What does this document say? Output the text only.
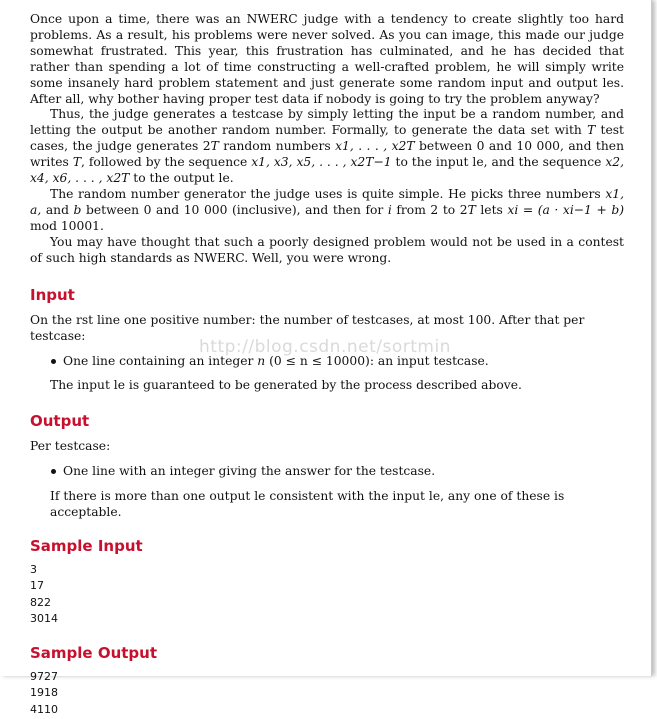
Once upon a time, there was an NWERC judge with a tendency to create slightly too hard problems. As a result, his problems were never solved. As you can image, this made our judge somewhat frustrated. This year, this frustration has culminated, and he has decided that rather than spending a lot of time constructing a well-crafted problem, he will simply write some insanely hard problem statement and just generate some random input and output les. After all, why bother having proper test data if nobody is going to try the problem anyway?

Thus, the judge generates a testcase by simply letting the input be a random number, and letting the output be another random number. Formally, to generate the data set with T test cases, the judge generates 2T random numbers x1, . . . , x2T between 0 and 10 000, and then writes T, followed by the sequence x1, x3, x5, . . . , x2T−1 to the input le, and the sequence x2, x4, x6, . . . , x2T to the output le.

The random number generator the judge uses is quite simple. He picks three numbers x1, a, and b between 0 and 10 000 (inclusive), and then for i from 2 to 2T lets xi = (a · xi−1 + b) mod 10001.

You may have thought that such a poorly designed problem would not be used in a contest of such high standards as NWERC. Well, you were wrong.

Input

On the rst line one positive number: the number of testcases, at most 100. After that per testcase:

One line containing an integer n (0 ≤ n ≤ 10000): an input testcase.

The input le is guaranteed to be generated by the process described above.

Output

Per testcase:

One line with an integer giving the answer for the testcase.

If there is more than one output le consistent with the input le, any one of these is acceptable.

Sample Input
3
17
822
3014
Sample Output
9727
1918
4110
http://blog.csdn.net/sortmin
